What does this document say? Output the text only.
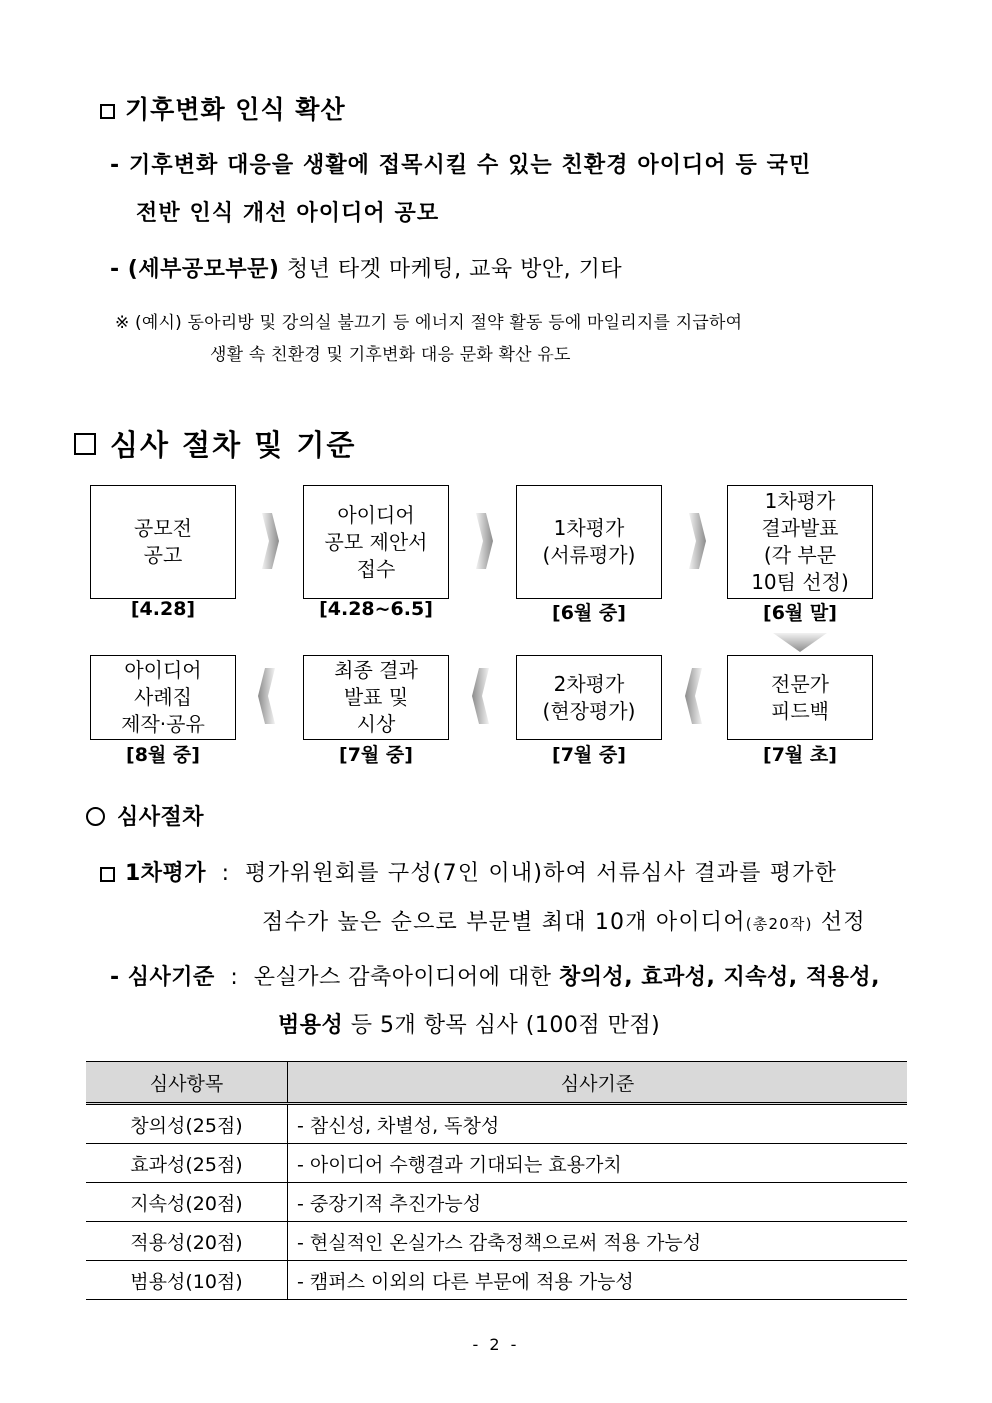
기후변화 인식 확산
- 기후변화 대응을 생활에 접목시킬 수 있는 친환경 아이디어 등 국민
전반 인식 개선 아이디어 공모
- (세부공모부문) 청년 타겟 마케팅, 교육 방안, 기타
※ (예시) 동아리방 및 강의실 불끄기 등 에너지 절약 활동 등에 마일리지를 지급하여
생활 속 친환경 및 기후변화 대응 문화 확산 유도
심사 절차 및 기준
공모전
공고
[4.28]
아이디어
공모 제안서
접수
[4.28~6.5]
1차평가
(서류평가)
[6월 중]
1차평가
결과발표
(각 부문
10팀 선정)
[6월 말]
아이디어
사례집
제작·공유
[8월 중]
최종 결과
발표 및
시상
[7월 중]
2차평가
(현장평가)
[7월 중]
전문가
피드백
[7월 초]
심사절차
1차평가 : 평가위원회를 구성(7인 이내)하여 서류심사 결과를 평가한
점수가 높은 순으로 부문별 최대 10개 아이디어(총20작) 선정
- 심사기준 : 온실가스 감축아이디어에 대한 창의성, 효과성, 지속성, 적용성,
범용성 등 5개 항목 심사 (100점 만점)
심사항목	심사기준
창의성(25점)	- 참신성, 차별성, 독창성
효과성(25점)	- 아이디어 수행결과 기대되는 효용가치
지속성(20점)	- 중장기적 추진가능성
적용성(20점)	- 현실적인 온실가스 감축정책으로써 적용 가능성
범용성(10점)	- 캠퍼스 이외의 다른 부문에 적용 가능성
- 2 -
